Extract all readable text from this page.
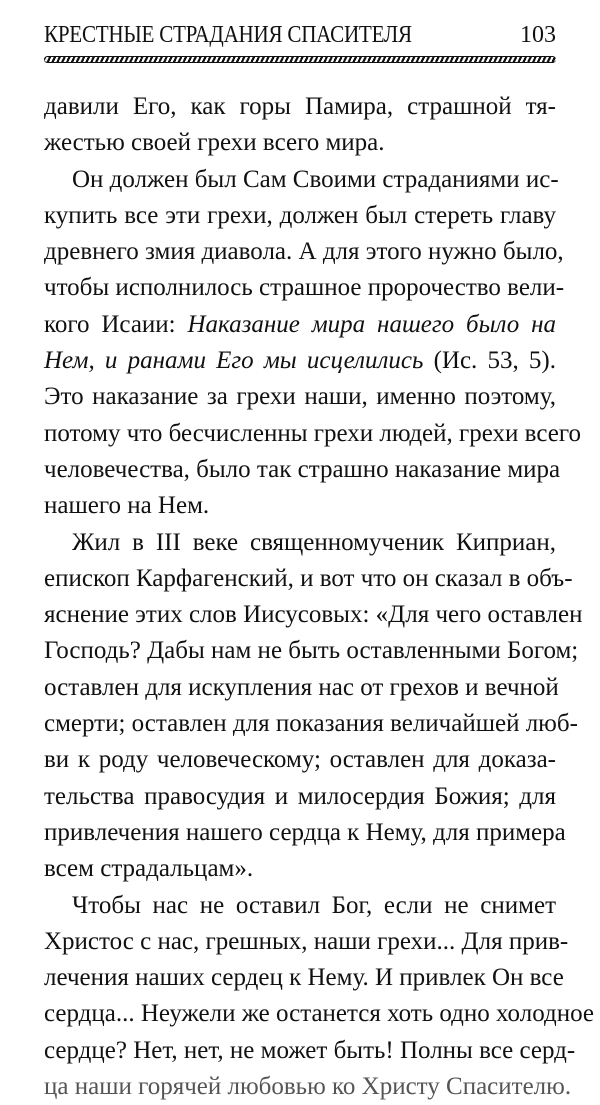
КРЕСТНЫЕ СТРАДАНИЯ СПАСИТЕЛЯ	103
давили Его, как горы Памира, страшной тя-
жестью своей грехи всего мира.
Он должен был Сам Своими страданиями ис-
купить все эти грехи, должен был стереть главу
древнего змия диавола. А для этого нужно было,
чтобы исполнилось страшное пророчество вели-
кого Исаии: Наказание мира нашего было на
Нем, и ранами Его мы исцелились (Ис. 53, 5).
Это наказание за грехи наши, именно поэтому,
потому что бесчисленны грехи людей, грехи всего
человечества, было так страшно наказание мира
нашего на Нем.
Жил в III веке священномученик Киприан,
епископ Карфагенский, и вот что он сказал в объ-
яснение этих слов Иисусовых: «Для чего оставлен
Господь? Дабы нам не быть оставленными Богом;
оставлен для искупления нас от грехов и вечной
смерти; оставлен для показания величайшей люб-
ви к роду человеческому; оставлен для доказа-
тельства правосудия и милосердия Божия; для
привлечения нашего сердца к Нему, для примера
всем страдальцам».
Чтобы нас не оставил Бог, если не снимет
Христос с нас, грешных, наши грехи... Для прив-
лечения наших сердец к Нему. И привлек Он все
сердца... Неужели же останется хоть одно холодное
сердце? Нет, нет, не может быть! Полны все серд-
ца наши горячей любовью ко Христу Спасителю.
